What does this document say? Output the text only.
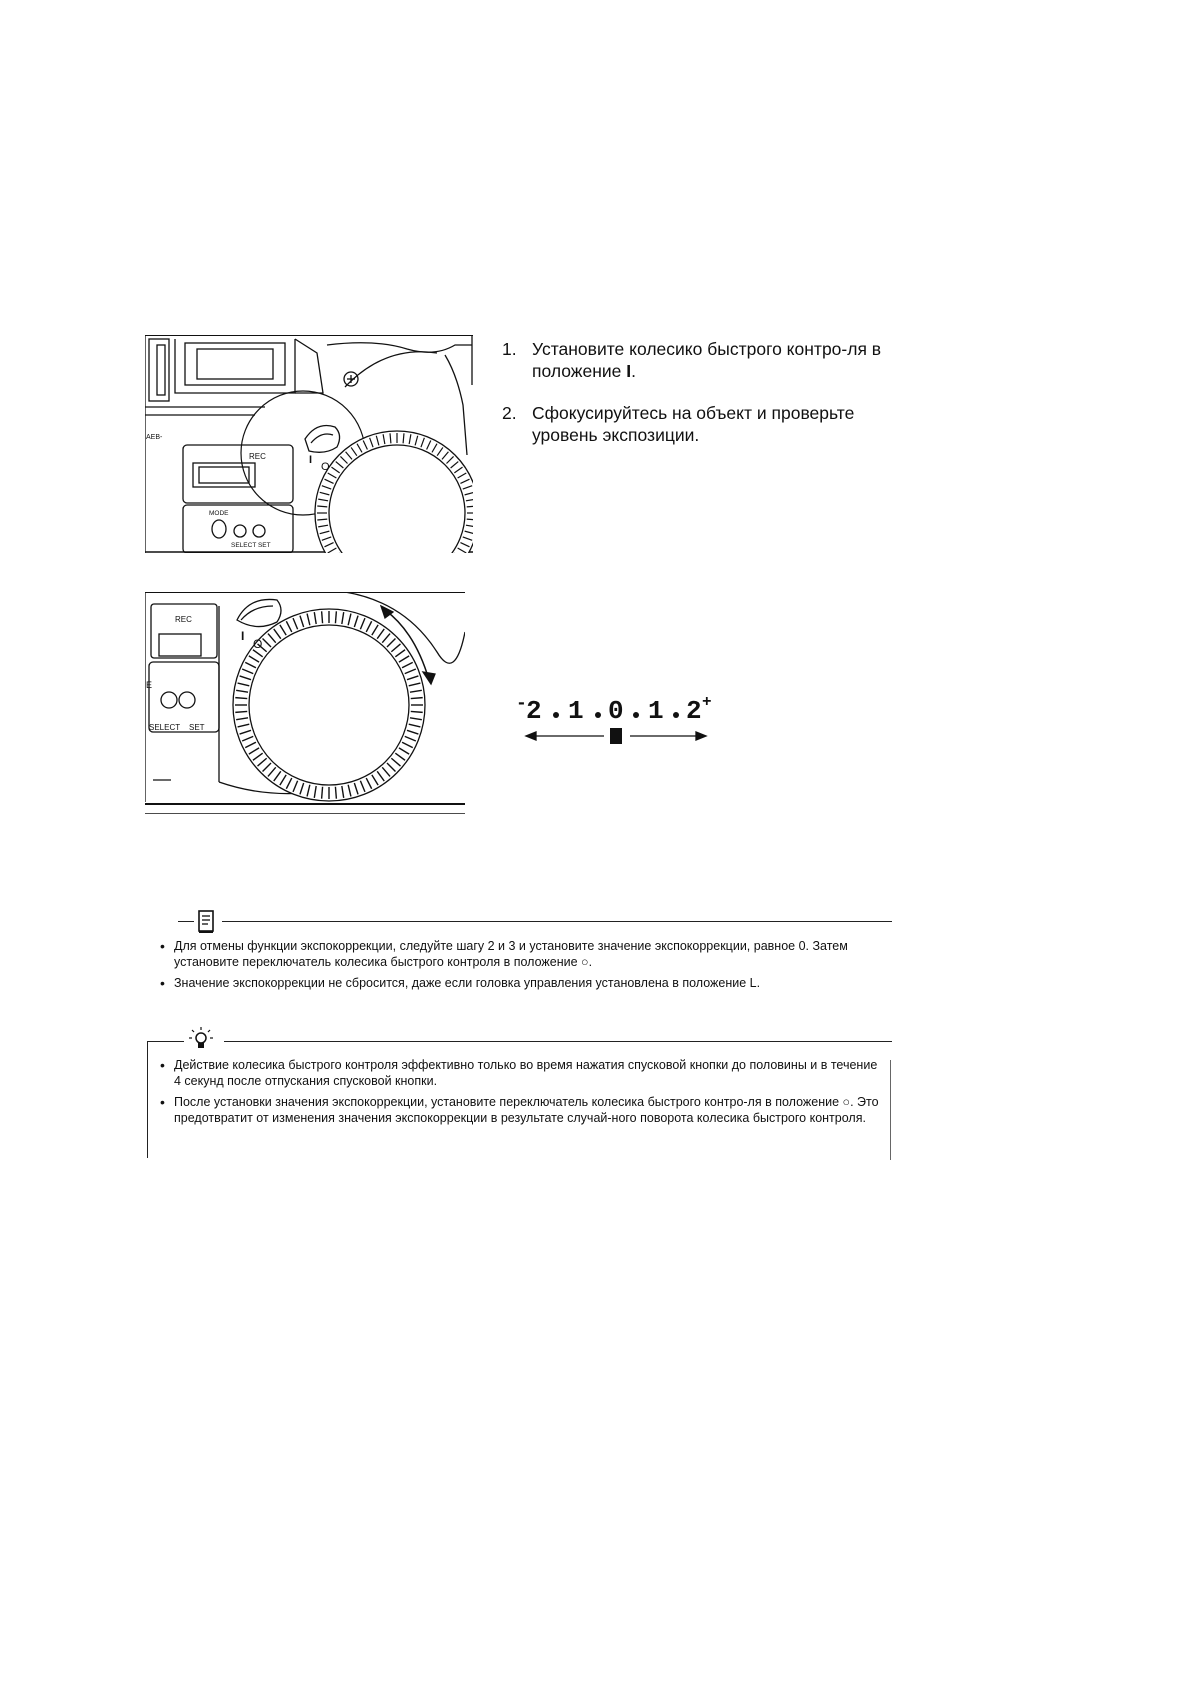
REC
MODE
SELECT SET
AEB-
I
O
REC
E
SELECT SET
I
O
1. Установите колесико быстрого контро-ля в положение I.
2. Сфокусируйтесь на объект и проверьте уровень экспозиции.
-	+
2 1 0 1 2
• Для отмены функции экспокоррекции, следуйте шагу 2 и 3 и установите значение экспокоррекции, равное 0. Затем установите переключатель колесика быстрого контроля в положение ○.
• Значение экспокоррекции не сбросится, даже если головка управления установлена в положение L.
• Действие колесика быстрого контроля эффективно только во время нажатия спусковой кнопки до половины и в течение 4 секунд после отпускания спусковой кнопки.
• После установки значения экспокоррекции, установите переключатель колесика быстрого контро-ля в положение ○. Это предотвратит от изменения значения экспокоррекции в результате случай-ного поворота колесика быстрого контроля.
